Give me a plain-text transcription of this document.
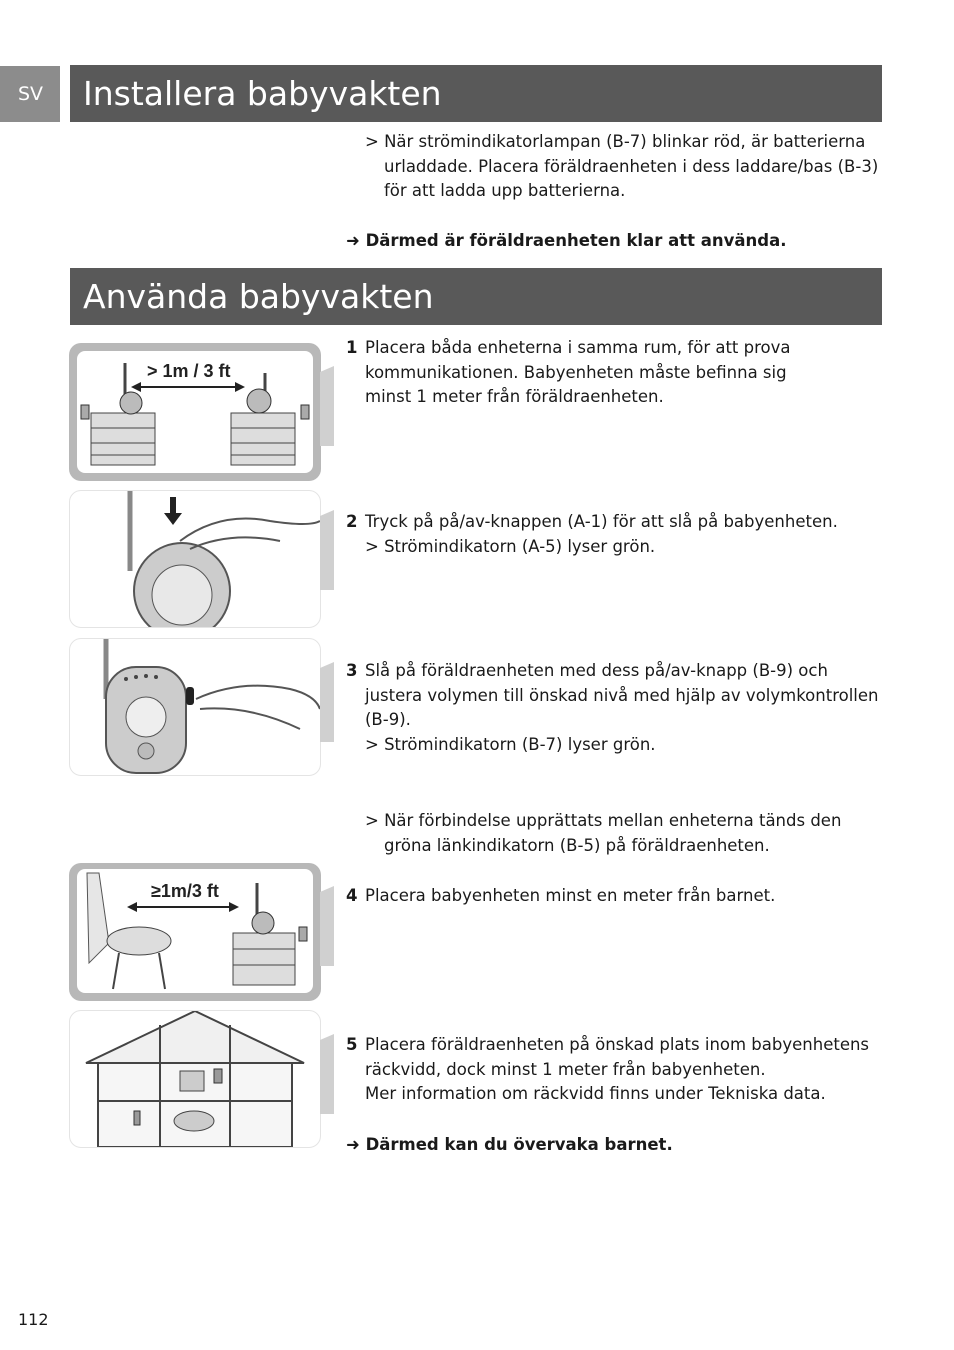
SV	Installera babyvakten
> När strömindikatorlampan (B-7) blinkar röd, är batterierna urladdade. Placera föräldraenheten i dess laddare/bas (B-3) för att ladda upp batterierna.
➜ Därmed är föräldraenheten klar att använda.
Använda babyvakten
> 1m / 3 ft
≥1m/3 ft
1 Placera båda enheterna i samma rum, för att prova kommunikationen. Babyenheten måste befinna sig minst 1 meter från föräldraenheten.
2 Tryck på på/av-knappen (A-1) för att slå på babyenheten.
> Strömindikatorn (A-5) lyser grön.
3 Slå på föräldraenheten med dess på/av-knapp (B-9) och justera volymen till önskad nivå med hjälp av volymkontrollen (B-9).
> Strömindikatorn (B-7) lyser grön.
> När förbindelse upprättats mellan enheterna tänds den gröna länkindikatorn (B-5) på föräldraenheten.
4 Placera babyenheten minst en meter från barnet.
5 Placera föräldraenheten på önskad plats inom babyenhetens räckvidd, dock minst 1 meter från babyenheten.
Mer information om räckvidd finns under Tekniska data.
➜ Därmed kan du övervaka barnet.
112
